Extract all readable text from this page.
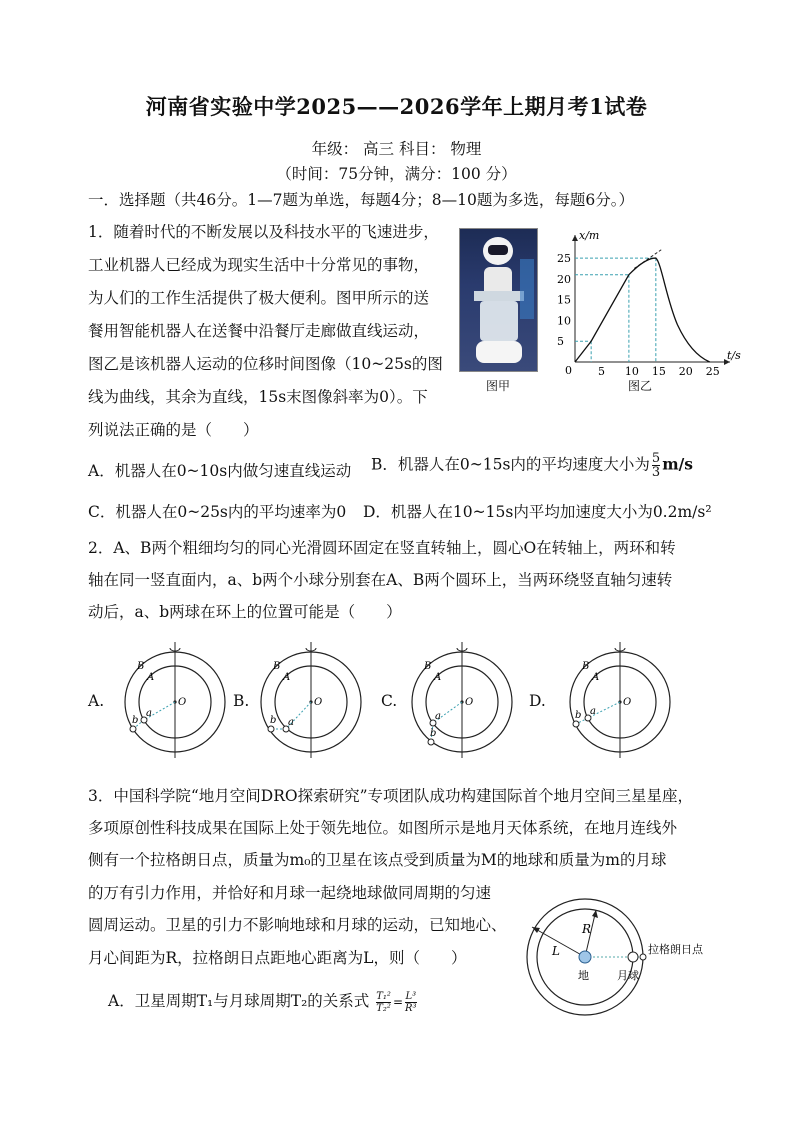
河南省实验中学2025——2026学年上期月考1试卷
年级： 高三 科目： 物理
（时间：75分钟，满分：100 分）
一．选择题（共46分。1—7题为单选，每题4分；8—10题为多选，每题6分。）
1．随着时代的不断发展以及科技水平的飞速进步，
工业机器人已经成为现实生活中十分常见的事物，
为人们的工作生活提供了极大便利。图甲所示的送
餐用智能机器人在送餐中沿餐厅走廊做直线运动，
图乙是该机器人运动的位移时间图像（10~25s的图
线为曲线，其余为直线，15s末图像斜率为0）。下
列说法正确的是（　　）
图甲
t/s
x/m
0 5 10 15 20 25
5
10
15
20
25
图乙
A．机器人在0~10s内做匀速直线运动 B．机器人在0~15s内的平均速度大小为 $\frac{5}{3} m/s$
C．机器人在0~25s内的平均速率为0 D．机器人在10~15s内平均加速度大小为0.2m/s²
2．A、B两个粗细均匀的同心光滑圆环固定在竖直转轴上，圆心O在转轴上，两环和转
轴在同一竖直面内，a、b两个小球分别套在A、B两个圆环上，当两环绕竖直轴匀速转
动后，a、b两球在环上的位置可能是（　　）
A.	B.	C.	D.
O
B
A
a
b
O
B
A
a
b
O
B
A
a
b
O
B
A
a
b
3．中国科学院“地月空间DRO探索研究”专项团队成功构建国际首个地月空间三星星座，
多项原创性科技成果在国际上处于领先地位。如图所示是地月天体系统，在地月连线外
侧有一个拉格朗日点，质量为m₀的卫星在该点受到质量为M的地球和质量为m的月球
的万有引力作用，并恰好和月球一起绕地球做同周期的匀速
圆周运动。卫星的引力不影响地球和月球的运动，已知地心、
月心间距为R，拉格朗日点距地心距离为L，则（　　）
A．卫星周期T₁与月球周期T₂的关系式 $\frac{\text{T₁²}}{\text{T₂²}} = \frac{\text{L³}}{\text{R³}}$
L
R
地	月球
拉格朗日点
